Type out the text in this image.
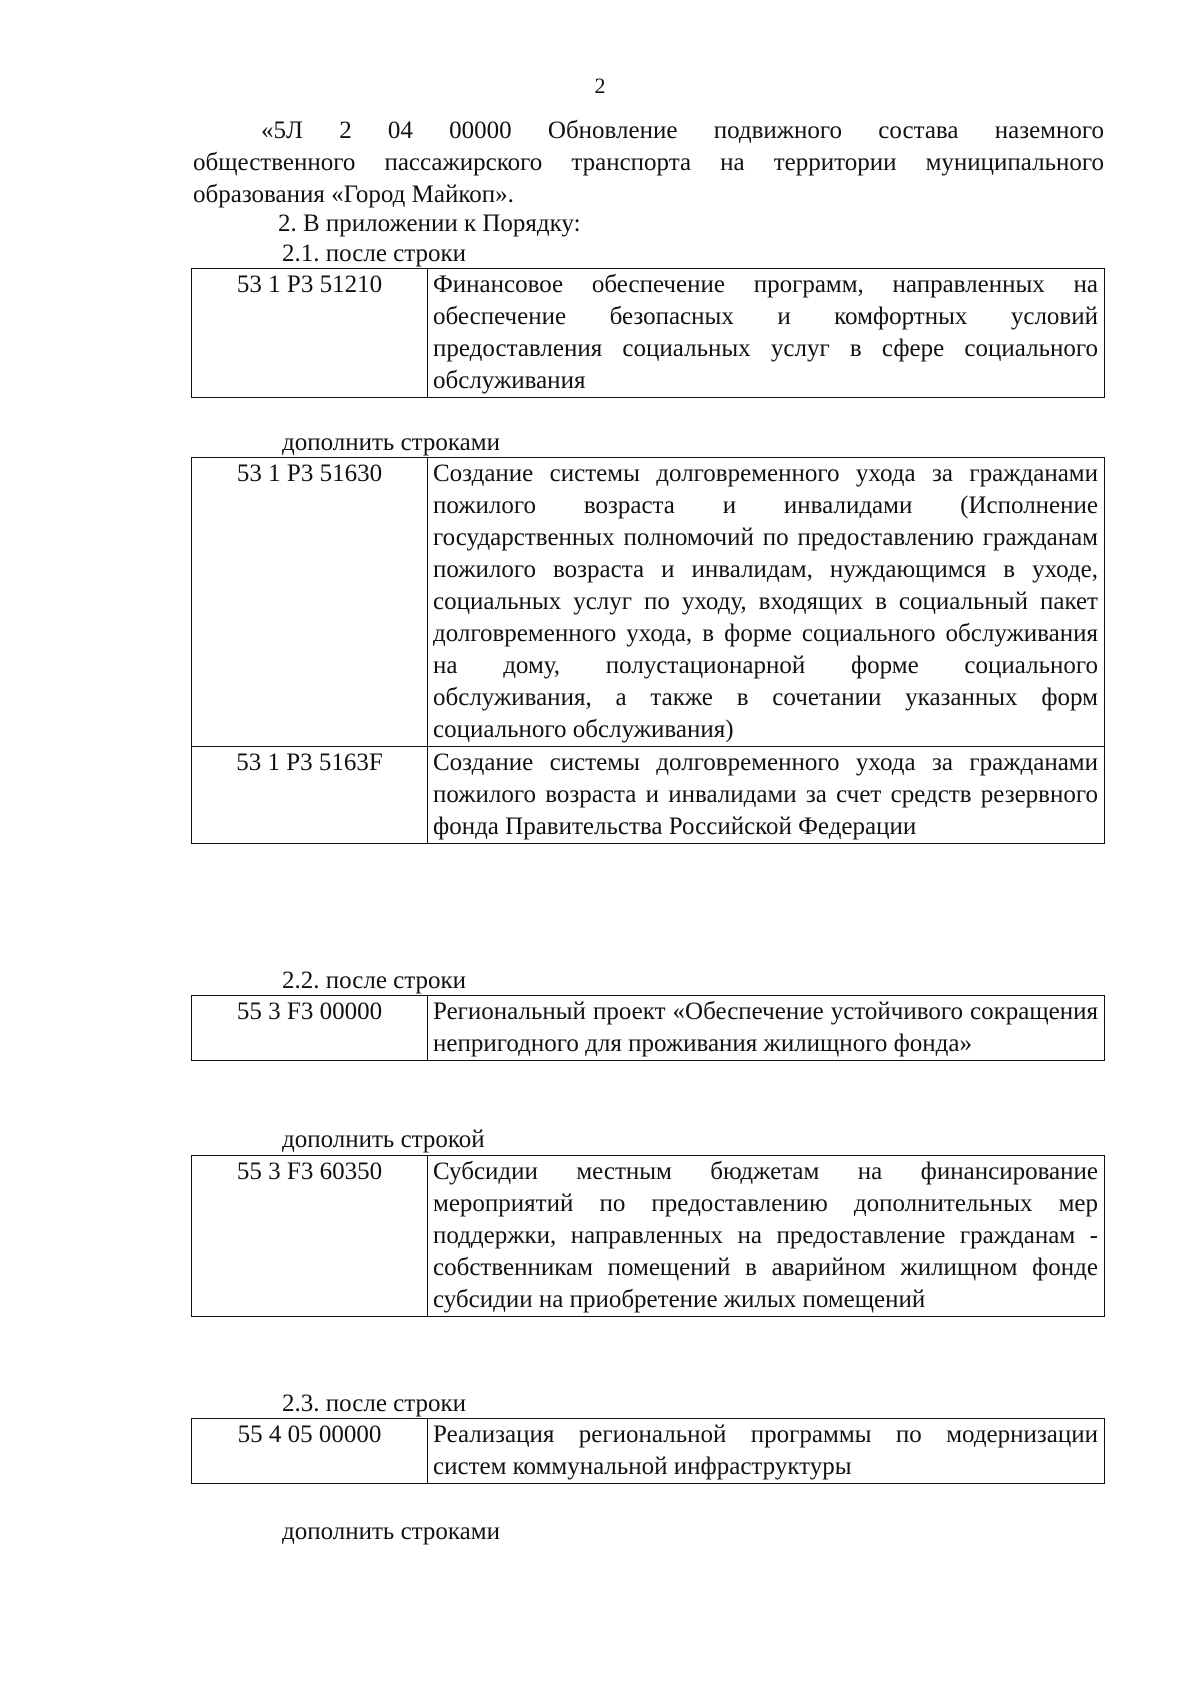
2
«5Л 2 04 00000 Обновление подвижного состава наземного
общественного пассажирского транспорта на территории муниципального образования «Город Майкоп».
2. В приложении к Порядку:
2.1. после строки
53 1 Р3 51210	Финансовое обеспечение программ, направленных на обеспечение безопасных и комфортных условий предоставления социальных услуг в сфере социального обслуживания
дополнить строками
53 1 Р3 51630	Создание системы долговременного ухода за гражданами пожилого возраста и инвалидами (Исполнение государственных полномочий по предоставлению гражданам пожилого возраста и инвалидам, нуждающимся в уходе, социальных услуг по уходу, входящих в социальный пакет долговременного ухода, в форме социального обслуживания на дому, полустационарной форме социального обслуживания, а также в сочетании указанных форм социального обслуживания)
53 1 Р3 5163F	Создание системы долговременного ухода за гражданами пожилого возраста и инвалидами за счет средств резервного фонда Правительства Российской Федерации
2.2. после строки
55 3 F3 00000	Региональный проект «Обеспечение устойчивого сокращения непригодного для проживания жилищного фонда»
дополнить строкой
55 3 F3 60350	Субсидии местным бюджетам на финансирование мероприятий по предоставлению дополнительных мер поддержки, направленных на предоставление гражданам - собственникам помещений в аварийном жилищном фонде субсидии на приобретение жилых помещений
2.3. после строки
55 4 05 00000	Реализация региональной программы по модернизации систем коммунальной инфраструктуры
дополнить строками
